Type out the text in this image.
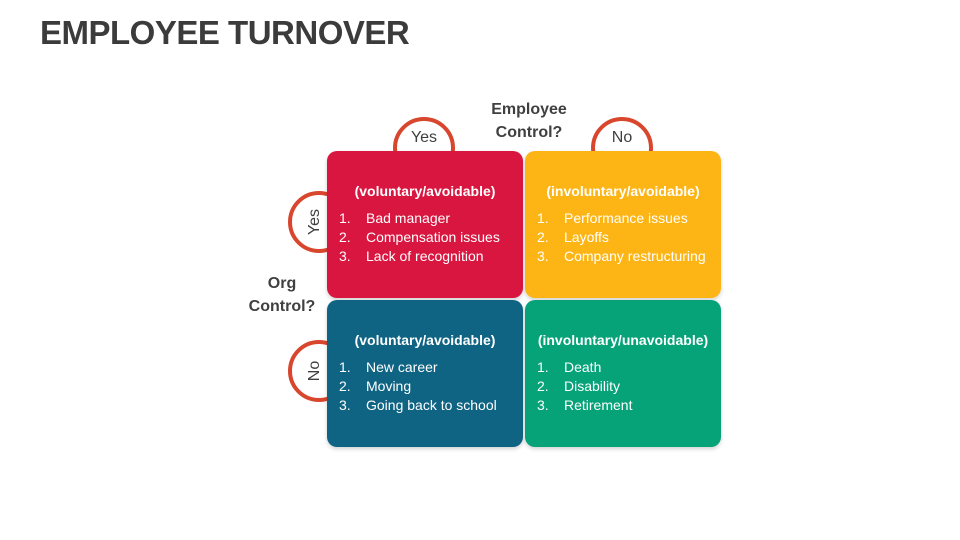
EMPLOYEE TURNOVER
Employee
Control?
Org
Control?
Yes	No
Yes
No
(voluntary/avoidable)
1. Bad manager
2. Compensation issues
3. Lack of recognition
(involuntary/avoidable)
1. Performance issues
2. Layoffs
3. Company restructuring
(voluntary/avoidable)
1. New career
2. Moving
3. Going back to school
(involuntary/unavoidable)
1. Death
2. Disability
3. Retirement
